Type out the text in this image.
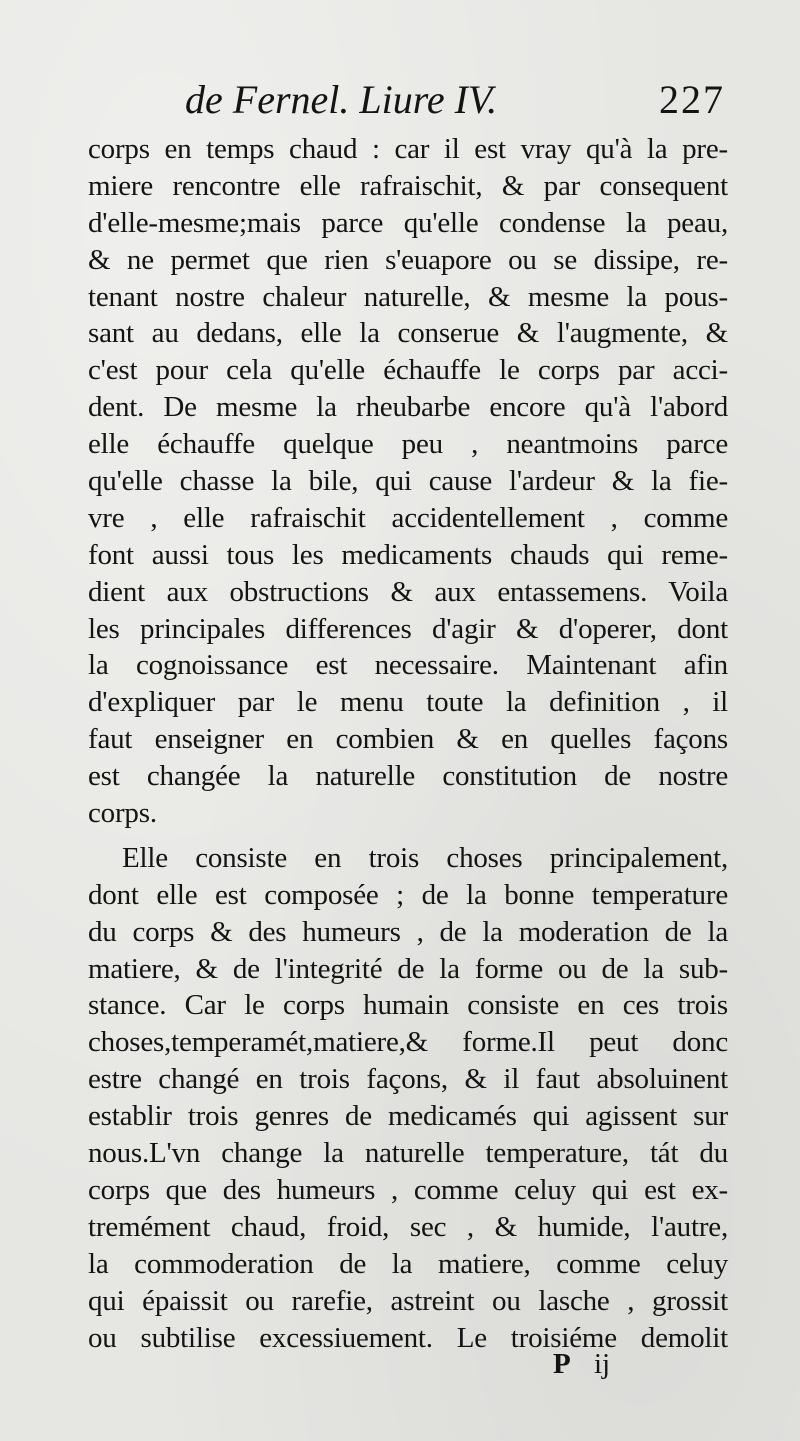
de Fernel. Liure IV.	227
corps en temps chaud : car il est vray qu'à la pre-
miere rencontre elle rafraischit, & par consequent
d'elle-mesme;mais parce qu'elle condense la peau,
& ne permet que rien s'euapore ou se dissipe, re-
tenant nostre chaleur naturelle, & mesme la pous-
sant au dedans, elle la conserue & l'augmente, &
c'est pour cela qu'elle échauffe le corps par acci-
dent. De mesme la rheubarbe encore qu'à l'abord
elle échauffe quelque peu , neantmoins parce
qu'elle chasse la bile, qui cause l'ardeur & la fie-
vre , elle rafraischit accidentellement , comme
font aussi tous les medicaments chauds qui reme-
dient aux obstructions & aux entassemens. Voila
les principales differences d'agir & d'operer, dont
la cognoissance est necessaire. Maintenant afin
d'expliquer par le menu toute la definition , il
faut enseigner en combien & en quelles façons
est changée la naturelle constitution de nostre
corps.
Elle consiste en trois choses principalement,
dont elle est composée ; de la bonne temperature
du corps & des humeurs , de la moderation de la
matiere, & de l'integrité de la forme ou de la sub-
stance. Car le corps humain consiste en ces trois
choses,temperamét,matiere,& forme.Il peut donc
estre changé en trois façons, & il faut absoluinent
establir trois genres de medicamés qui agissent sur
nous.L'vn change la naturelle temperature, tát du
corps que des humeurs , comme celuy qui est ex-
tremément chaud, froid, sec , & humide, l'autre,
la commoderation de la matiere, comme celuy
qui épaissit ou rarefie, astreint ou lasche , grossit
ou subtilise excessiuement. Le troisiéme demolit
P ij
